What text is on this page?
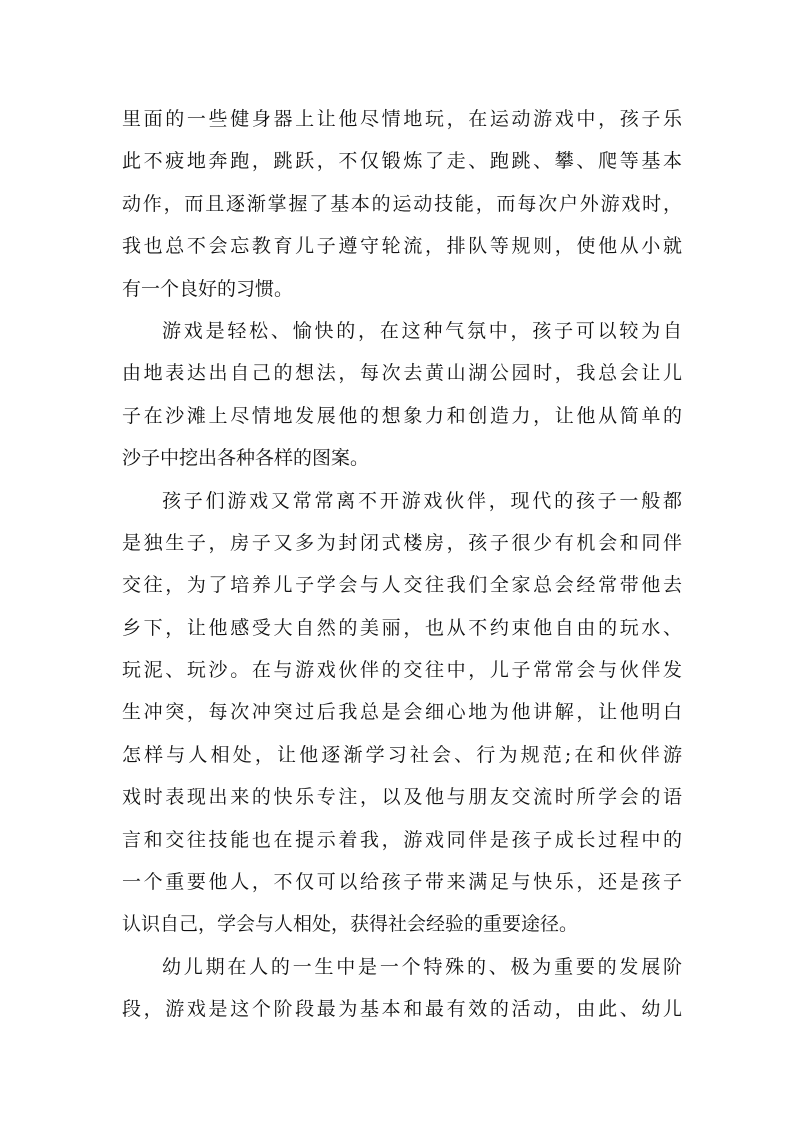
里面的一些健身器上让他尽情地玩，在运动游戏中，孩子乐
此不疲地奔跑，跳跃，不仅锻炼了走、跑跳、攀、爬等基本
动作，而且逐渐掌握了基本的运动技能，而每次户外游戏时，
我也总不会忘教育儿子遵守轮流，排队等规则，使他从小就
有一个良好的习惯。
游戏是轻松、愉快的，在这种气氛中，孩子可以较为自
由地表达出自己的想法，每次去黄山湖公园时，我总会让儿
子在沙滩上尽情地发展他的想象力和创造力，让他从简单的
沙子中挖出各种各样的图案。
孩子们游戏又常常离不开游戏伙伴，现代的孩子一般都
是独生子，房子又多为封闭式楼房，孩子很少有机会和同伴
交往，为了培养儿子学会与人交往我们全家总会经常带他去
乡下，让他感受大自然的美丽，也从不约束他自由的玩水、
玩泥、玩沙。在与游戏伙伴的交往中，儿子常常会与伙伴发
生冲突，每次冲突过后我总是会细心地为他讲解，让他明白
怎样与人相处，让他逐渐学习社会、行为规范;在和伙伴游
戏时表现出来的快乐专注，以及他与朋友交流时所学会的语
言和交往技能也在提示着我，游戏同伴是孩子成长过程中的
一个重要他人，不仅可以给孩子带来满足与快乐，还是孩子
认识自己，学会与人相处，获得社会经验的重要途径。
幼儿期在人的一生中是一个特殊的、极为重要的发展阶
段，游戏是这个阶段最为基本和最有效的活动，由此、幼儿
